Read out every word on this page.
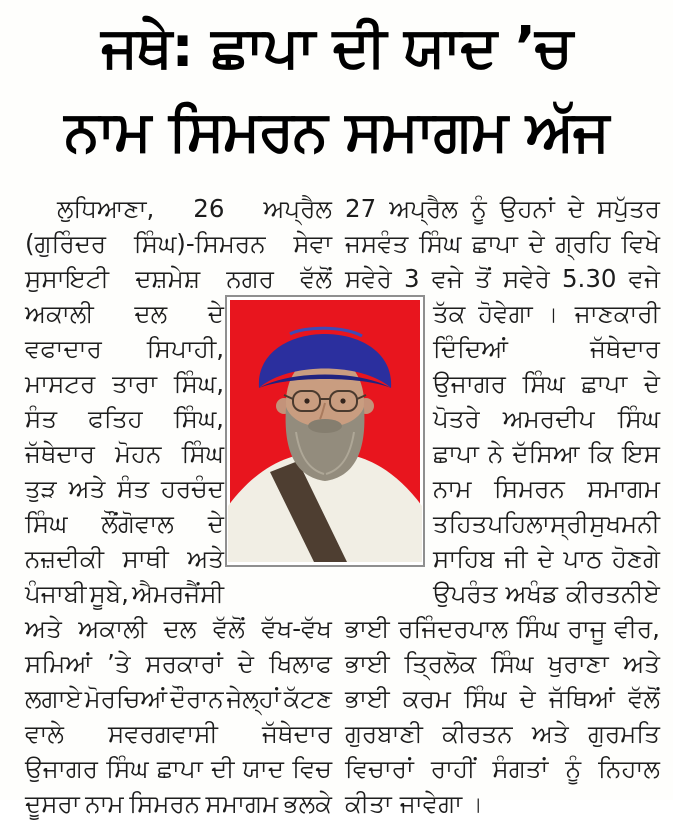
ਜਥੇ: ਛਾਪਾ ਦੀ ਯਾਦ ’ਚ
ਨਾਮ ਸਿਮਰਨ ਸਮਾਗਮ ਅੱਜ
ਲੁਧਿਆਣਾ, 26 ਅਪ੍ਰੈਲ
(ਗੁਰਿੰਦਰ ਸਿੰਘ)-ਸਿਮਰਨ ਸੇਵਾ
ਸੁਸਾਇਟੀ ਦਸ਼ਮੇਸ਼ ਨਗਰ ਵੱਲੋਂ
ਅਕਾਲੀ ਦਲ ਦੇ
ਵਫਾਦਾਰ ਸਿਪਾਹੀ,
ਮਾਸਟਰ ਤਾਰਾ ਸਿੰਘ,
ਸੰਤ ਫਤਿਹ ਸਿੰਘ,
ਜੱਥੇਦਾਰ ਮੋਹਨ ਸਿੰਘ
ਤੁੜ ਅਤੇ ਸੰਤ ਹਰਚੰਦ
ਸਿੰਘ ਲੌਂਗੋਵਾਲ ਦੇ
ਨਜ਼ਦੀਕੀ ਸਾਥੀ ਅਤੇ
ਪੰਜਾਬੀ ਸੂਬੇ, ਐਮਰਜੈਂਸੀ
ਅਤੇ ਅਕਾਲੀ ਦਲ ਵੱਲੋਂ ਵੱਖ-ਵੱਖ
ਸਮਿਆਂ ’ਤੇ ਸਰਕਾਰਾਂ ਦੇ ਖਿਲਾਫ
ਲਗਾਏ ਮੋਰਚਿਆਂ ਦੌਰਾਨ ਜੇਲ੍ਹਾਂ ਕੱਟਣ
ਵਾਲੇ ਸਵਰਗਵਾਸੀ ਜੱਥੇਦਾਰ
ਉਜਾਗਰ ਸਿੰਘ ਛਾਪਾ ਦੀ ਯਾਦ ਵਿਚ
ਦੂਸਰਾ ਨਾਮ ਸਿਮਰਨ ਸਮਾਗਮ ਭਲਕੇ
27 ਅਪ੍ਰੈਲ ਨੂੰ ਉਹਨਾਂ ਦੇ ਸਪੁੱਤਰ
ਜਸਵੰਤ ਸਿੰਘ ਛਾਪਾ ਦੇ ਗ੍ਰਹਿ ਵਿਖੇ
ਸਵੇਰੇ 3 ਵਜੇ ਤੋਂ ਸਵੇਰੇ 5.30 ਵਜੇ
ਤੱਕ ਹੋਵੇਗਾ । ਜਾਣਕਾਰੀ
ਦਿੰਦਿਆਂ	ਜੱਥੇਦਾਰ
ਉਜਾਗਰ ਸਿੰਘ ਛਾਪਾ ਦੇ
ਪੋਤਰੇ ਅਮਰਦੀਪ ਸਿੰਘ
ਛਾਪਾ ਨੇ ਦੱਸਿਆ ਕਿ ਇਸ
ਨਾਮ ਸਿਮਰਨ ਸਮਾਗਮ
ਤਹਿਤ ਪਹਿਲਾ ਸ੍ਰੀ ਸੁਖਮਨੀ
ਸਾਹਿਬ ਜੀ ਦੇ ਪਾਠ ਹੋਣਗੇ
ਉਪਰੰਤ ਅਖੰਡ ਕੀਰਤਨੀਏ
ਭਾਈ ਰਜਿੰਦਰਪਾਲ ਸਿੰਘ ਰਾਜੂ ਵੀਰ,
ਭਾਈ ਤ੍ਰਿਲੋਕ ਸਿੰਘ ਖੁਰਾਣਾ ਅਤੇ
ਭਾਈ ਕਰਮ ਸਿੰਘ ਦੇ ਜੱਥਿਆਂ ਵੱਲੋਂ
ਗੁਰਬਾਣੀ ਕੀਰਤਨ ਅਤੇ ਗੁਰਮਤਿ
ਵਿਚਾਰਾਂ ਰਾਹੀਂ ਸੰਗਤਾਂ ਨੂੰ ਨਿਹਾਲ
ਕੀਤਾ ਜਾਵੇਗਾ ।
